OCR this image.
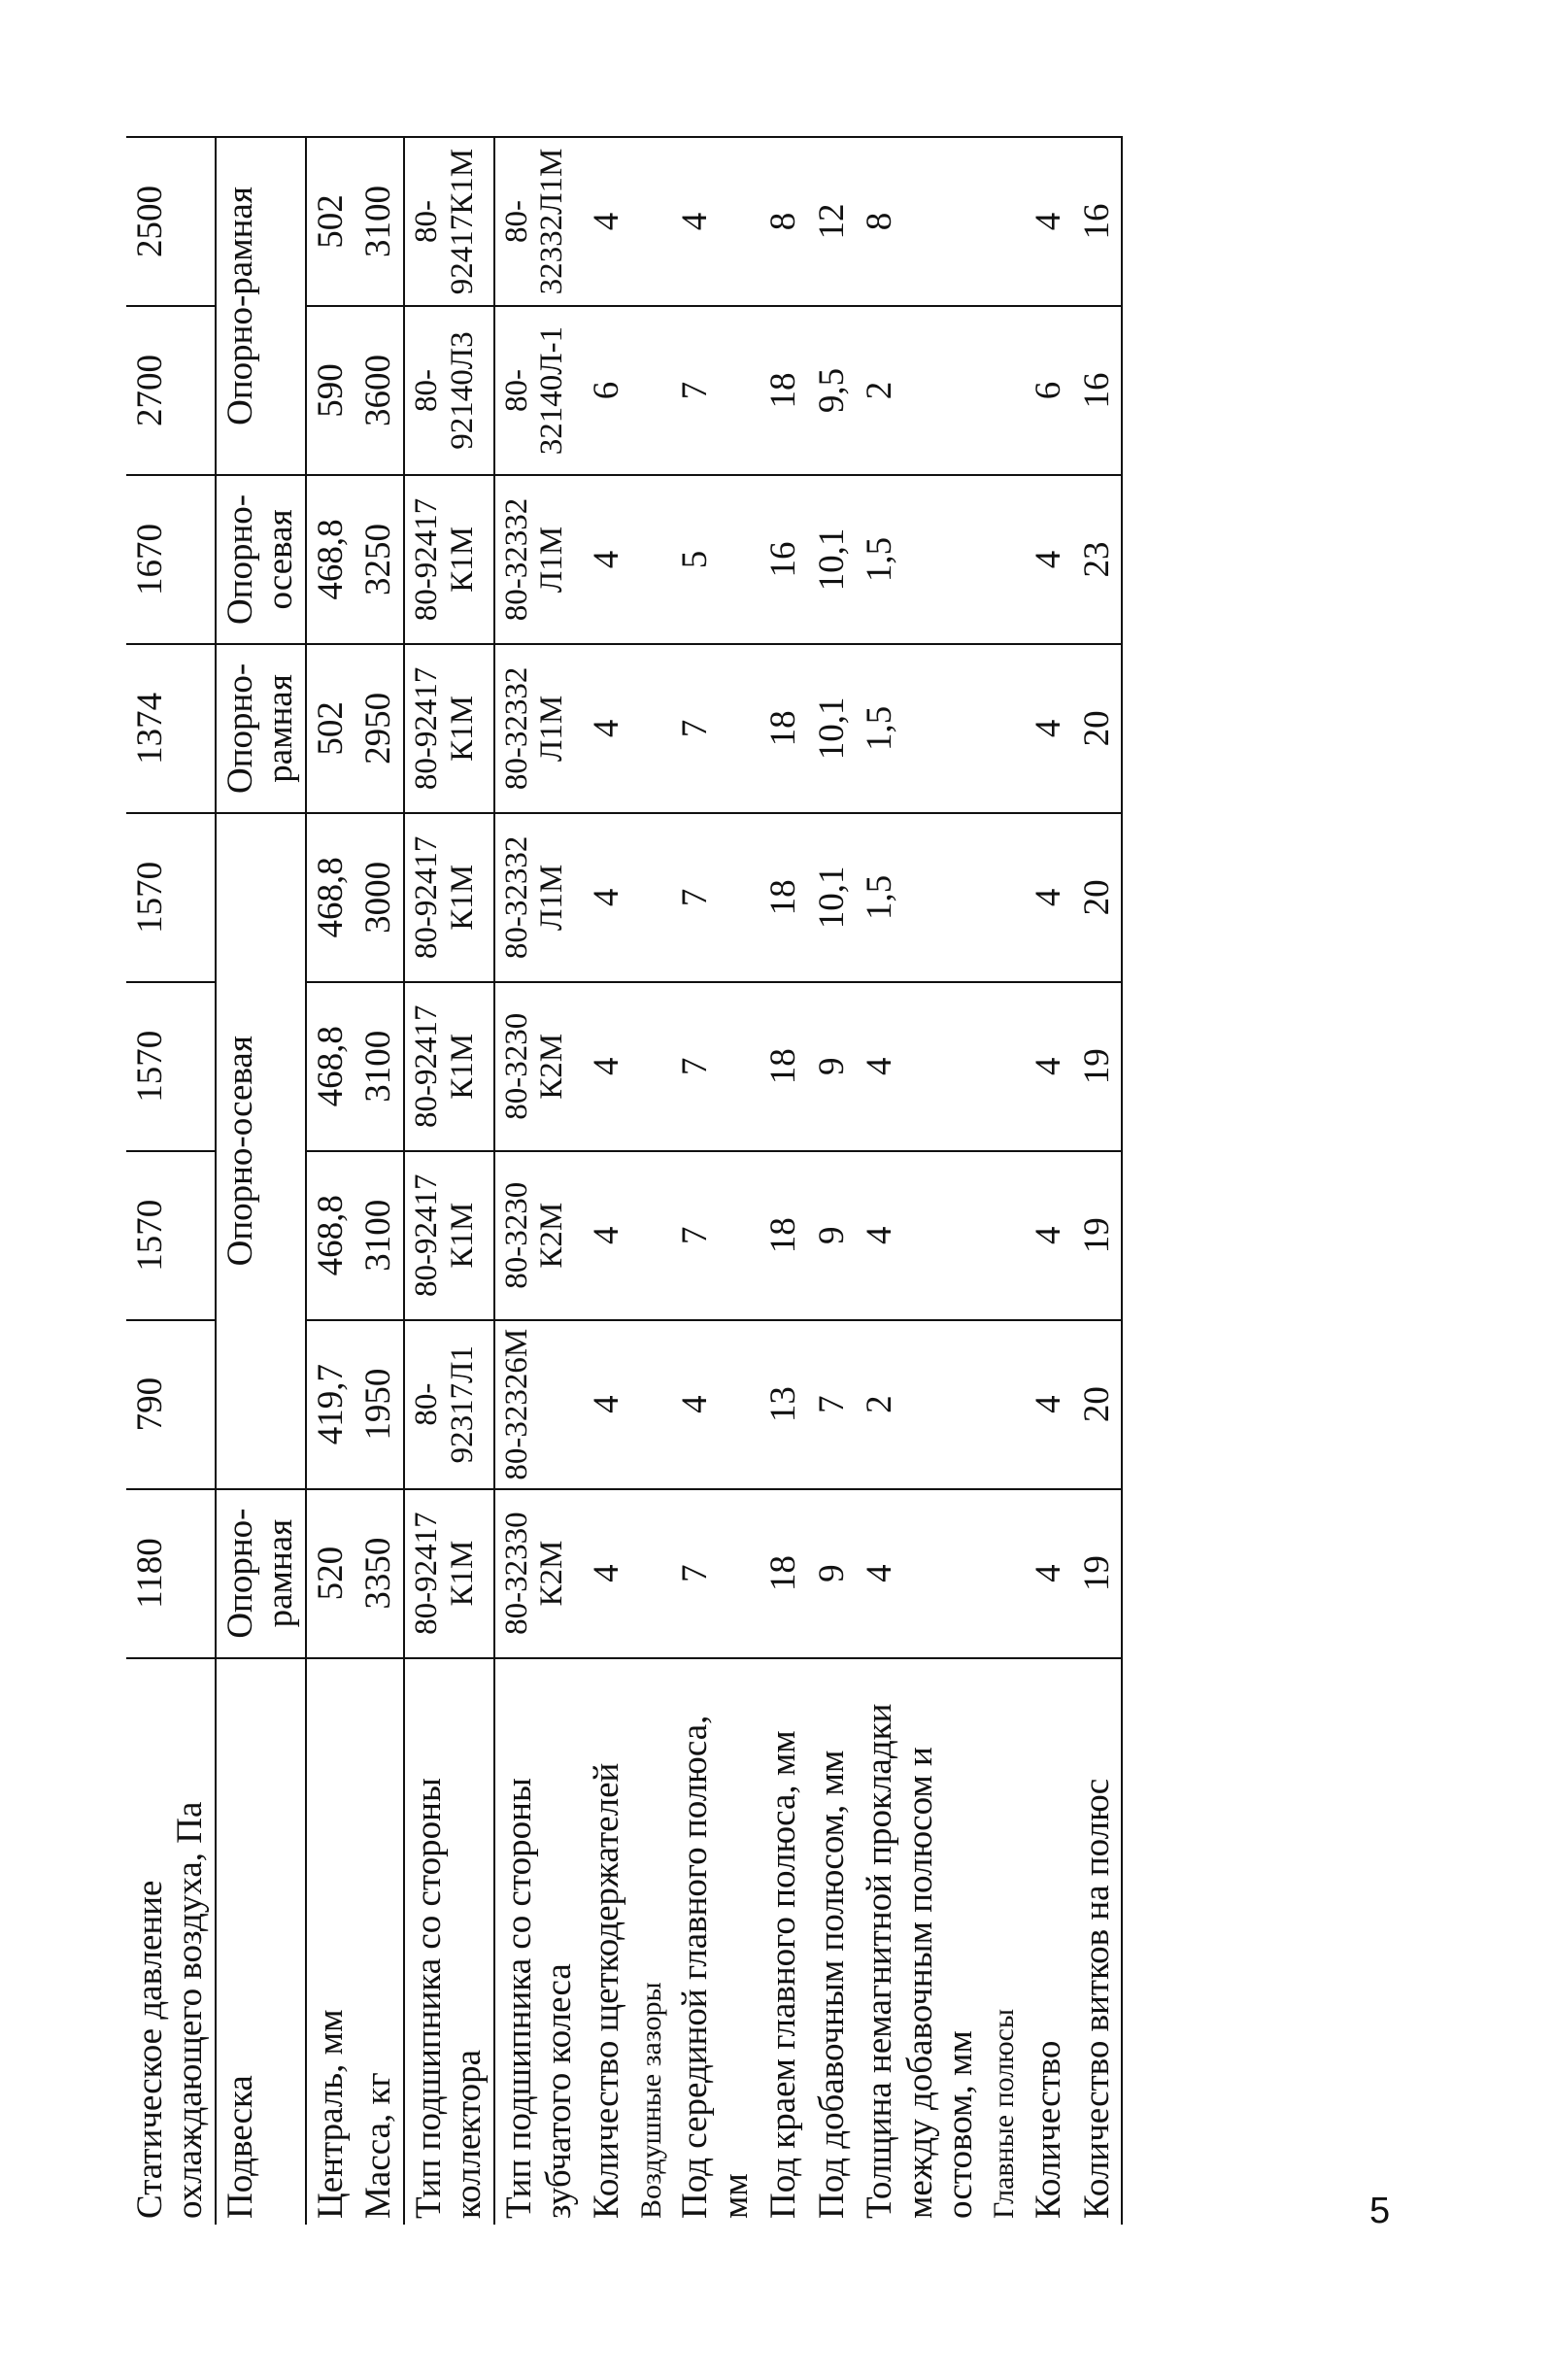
Статическое давление охлаждающего воздуха, Па	1180	790	1570	1570	1570	1374	1670	2700	2500
Подвеска	Опорно-рамная	Опорно-осевая				Опорно-рамная	Опорно-осевая	Опорно-рамная	
Централь, мм	520	419,7	468,8	468,8	468,8	502	468,8	590	502
Масса, кг	3350	1950	3100	3100	3000	2950	3250	3600	3100
Тип подшипника со стороны коллектора	80-92417 К1М	80-92317Л1	80-92417 К1М	80-92417 К1М	80-92417 К1М	80-92417 К1М	80-92417 К1М	80-92140Л3	80-92417К1М
Тип подшипника со стороны зубчатого колеса	80-32330 К2М	80-32326М	80-3230 К2М	80-3230 К2М	80-32332 Л1М	80-32332 Л1М	80-32332 Л1М	80-32140Л-1	80-32332Л1М
Количество щеткодержателей	4	4	4	4	4	4	4	6	4
Воздушные зазоры									
Под серединой главного полюса, мм	7	4	7	7	7	7	5	7	4
Под краем главного полюса, мм	18	13	18	18	18	18	16	18	8
Под добавочным полюсом, мм	9	7	9	9	10,1	10,1	10,1	9,5	12
Толщина немагнитной прокладки между добавочным полюсом и остовом, мм	4	2	4	4	1,5	1,5	1,5	2	8
Главные полюсы									
Количество	4	4	4	4	4	4	4	6	4
Количество витков на полюс	19	20	19	19	20	20	23	16	16
5
